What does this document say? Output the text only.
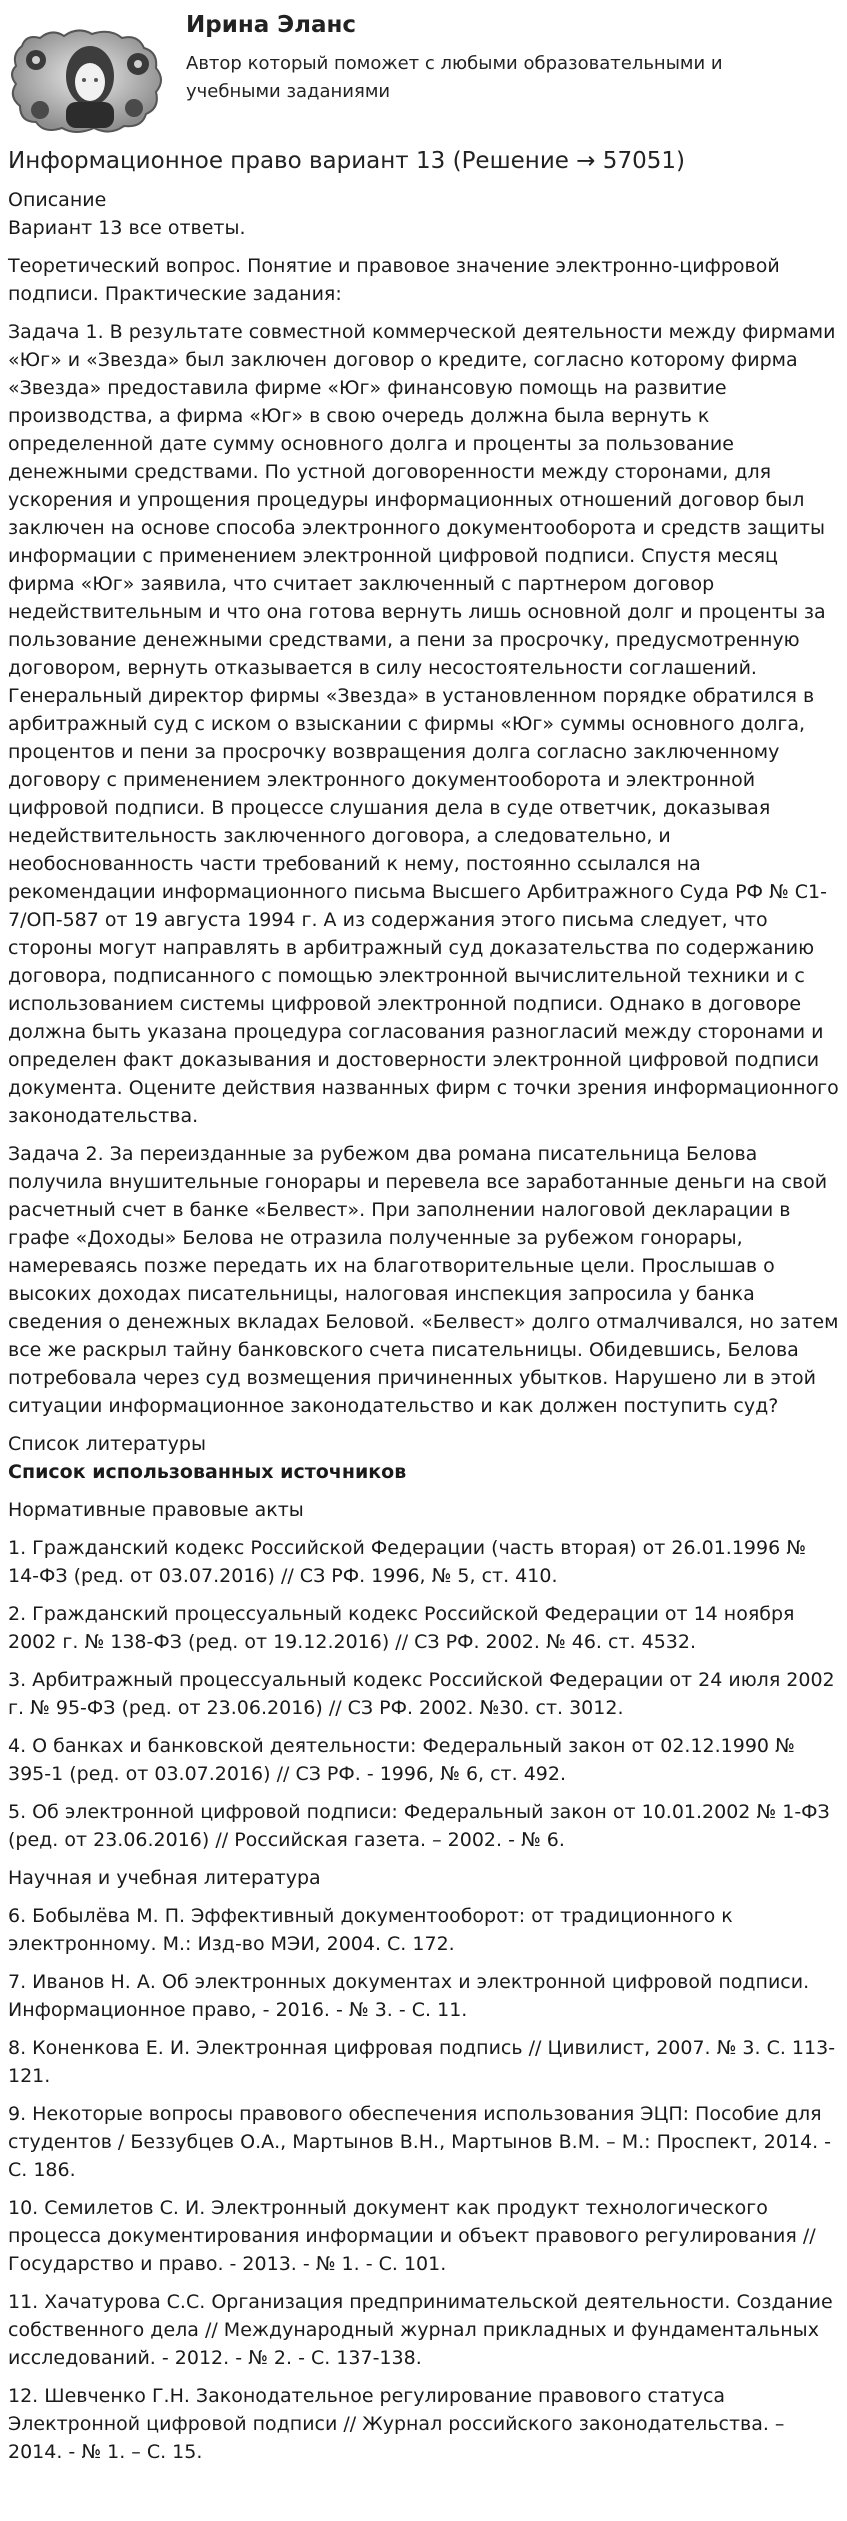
Ирина Эланс
Автор который поможет с любыми образовательными и учебными заданиями
Информационное право вариант 13 (Решение → 57051)

Описание

Вариант 13 все ответы.

Теоретический вопрос. Понятие и правовое значение электронно-цифровой подписи. Практические задания:

Задача 1. В результате совместной коммерческой деятельности между фирмами «Юг» и «Звезда» был заключен договор о кредите, согласно которому фирма «Звезда» предоставила фирме «Юг» финансовую помощь на развитие производства, а фирма «Юг» в свою очередь должна была вернуть к определенной дате сумму основного долга и проценты за пользование денежными средствами. По устной договоренности между сторонами, для ускорения и упрощения процедуры информационных отношений договор был заключен на основе способа электронного документооборота и средств защиты информации с применением электронной цифровой подписи. Спустя месяц фирма «Юг» заявила, что считает заключенный с партнером договор недействительным и что она готова вернуть лишь основной долг и проценты за пользование денежными средствами, а пени за просрочку, предусмотренную договором, вернуть отказывается в силу несостоятельности соглашений. Генеральный директор фирмы «Звезда» в установленном порядке обратился в арбитражный суд с иском о взыскании с фирмы «Юг» суммы основного долга, процентов и пени за просрочку возвращения долга согласно заключенному договору с применением электронного документооборота и электронной цифровой подписи. В процессе слушания дела в суде ответчик, доказывая недействительность заключенного договора, а следовательно, и необоснованность части требований к нему, постоянно ссылался на рекомендации информационного письма Высшего Арбитражного Суда РФ № С1-7/ОП-587 от 19 августа 1994 г. А из содержания этого письма следует, что стороны могут направлять в арбитражный суд доказательства по содержанию договора, подписанного с помощью электронной вычислительной техники и с использованием системы цифровой электронной подписи. Однако в договоре должна быть указана процедура согласования разногласий между сторонами и определен факт доказывания и достоверности электронной цифровой подписи документа. Оцените действия названных фирм с точки зрения информационного законодательства.

Задача 2. За переизданные за рубежом два романа писательница Белова получила внушительные гонорары и перевела все заработанные деньги на свой расчетный счет в банке «Белвест». При заполнении налоговой декларации в графе «Доходы» Белова не отразила полученные за рубежом гонорары, намереваясь позже передать их на благотворительные цели. Прослышав о высоких доходах писательницы, налоговая инспекция запросила у банка сведения о денежных вкладах Беловой. «Белвест» долго отмалчивался, но затем все же раскрыл тайну банковского счета писательницы. Обидевшись, Белова потребовала через суд возмещения причиненных убытков. Нарушено ли в этой ситуации информационное законодательство и как должен поступить суд?

Список литературы

Список использованных источников

Нормативные правовые акты

1. Гражданский кодекс Российской Федерации (часть вторая) от 26.01.1996 № 14-ФЗ (ред. от 03.07.2016) // СЗ РФ. 1996, № 5, ст. 410.

2. Гражданский процессуальный кодекс Российской Федерации от 14 ноября 2002 г. № 138-ФЗ (ред. от 19.12.2016) // СЗ РФ. 2002. № 46. ст. 4532.

3. Арбитражный процессуальный кодекс Российской Федерации от 24 июля 2002 г. № 95-ФЗ (ред. от 23.06.2016) // СЗ РФ. 2002. №30. ст. 3012.

4. О банках и банковской деятельности: Федеральный закон от 02.12.1990 № 395-1 (ред. от 03.07.2016) // СЗ РФ. - 1996, № 6, ст. 492.

5. Об электронной цифровой подписи: Федеральный закон от 10.01.2002 № 1-ФЗ (ред. от 23.06.2016) // Российская газета. – 2002. - № 6.

Научная и учебная литература

6. Бобылёва М. П. Эффективный документооборот: от традиционного к электронному. М.: Изд-во МЭИ, 2004. С. 172.

7. Иванов Н. А. Об электронных документах и электронной цифровой подписи. Информационное право, - 2016. - № 3. - С. 11.

8. Кoненкова Е. И. Электронная цифровая подпись // Цивилист, 2007. № 3. С. 113-121.

9. Некоторые вопросы правового обеспечения использования ЭЦП: Пособие для студентов / Беззубцев О.А., Мартынов В.Н., Мартынов В.М. – М.: Проспект, 2014. - С. 186.

10. Семилетов С. И. Электронный документ как продукт технологического процесса документирования информации и объект правового регулирования // Государство и право. - 2013. - № 1. - С. 101.

11. Хачатурова С.С. Организация предпринимательской деятельности. Создание собственного дела // Международный журнал прикладных и фундаментальных исследований. - 2012. - № 2. - С. 137-138.

12. Шевченко Г.Н. Законодательное регулирование правового статуса Электронной цифровой подписи // Журнал российского законодательства. – 2014. - № 1. – С. 15.
